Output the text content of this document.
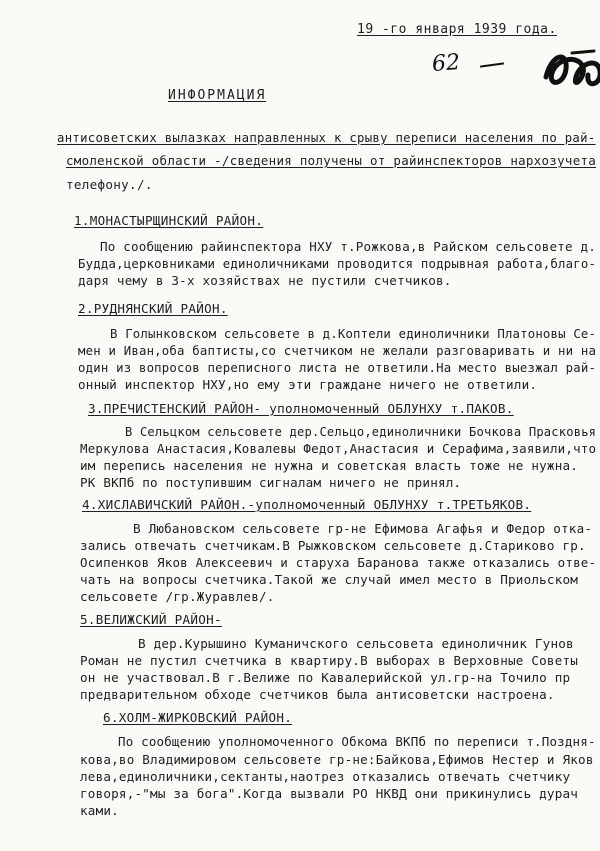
19 -го января 1939 года.
62
ИНФОРМАЦИЯ
антисоветских вылазках направленных к срыву переписи населения по рай-
смоленской области -/сведения получены от райинспекторов нархозучета
телефону./.
1.МОНАСТЫРЩИНСКИЙ РАЙОН.
По сообщению райинспектора НХУ т.Рожкова,в Райском сельсовете д.
Будда,церковниками единоличниками проводится подрывная работа,благо-
даря чему в 3-х хозяйствах не пустили счетчиков.
2.РУДНЯНСКИЙ РАЙОН.
В Голынковском сельсовете в д.Коптели единоличники Платоновы Се-
мен и Иван,оба баптисты,со счетчиком не желали разговаривать и ни на
один из вопросов переписного листа не ответили.На место выезжал рай-
онный инспектор НХУ,но ему эти граждане ничего не ответили.
3.ПРЕЧИСТЕНСКИЙ РАЙОН- уполномоченный ОБЛУНХУ т.ПАКОВ.
В Сельцком сельсовете дер.Сельцо,единоличники Бочкова Прасковья
Меркулова Анастасия,Ковалевы Федот,Анастасия и Серафима,заявили,что
им перепись населения не нужна и советская власть тоже не нужна.
РК ВКПб по поступившим сигналам ничего не принял.
4.ХИСЛАВИЧСКИЙ РАЙОН.-уполномоченный ОБЛУНХУ т.ТРЕТЬЯКОВ.
В Любановском сельсовете гр-не Ефимова Агафья и Федор отка-
зались отвечать счетчикам.В Рыжковском сельсовете д.Стариково гр.
Осипенков Яков Алексеевич и старуха Баранова также отказались отве-
чать на вопросы счетчика.Такой же случай имел место в Приольском
сельсовете /гр.Журавлев/.
5.ВЕЛИЖСКИЙ РАЙОН-
В дер.Курышино Куманичского сельсовета единоличник Гунов
Роман не пустил счетчика в квартиру.В выборах в Верховные Советы
он не участвовал.В г.Велиже по Кавалерийской ул.гр-на Точило пр
предварительном обходе счетчиков была антисоветски настроена.
6.ХОЛМ-ЖИРКОВСКИЙ РАЙОН.
По сообщению уполномоченного Обкома ВКПб по переписи т.Поздня-
кова,во Владимировом сельсовете гр-не:Байкова,Ефимов Нестер и Яков
лева,единоличники,сектанты,наотрез отказались отвечать счетчику
говоря,-"мы за бога".Когда вызвали РО НКВД они прикинулись дурач
ками.
